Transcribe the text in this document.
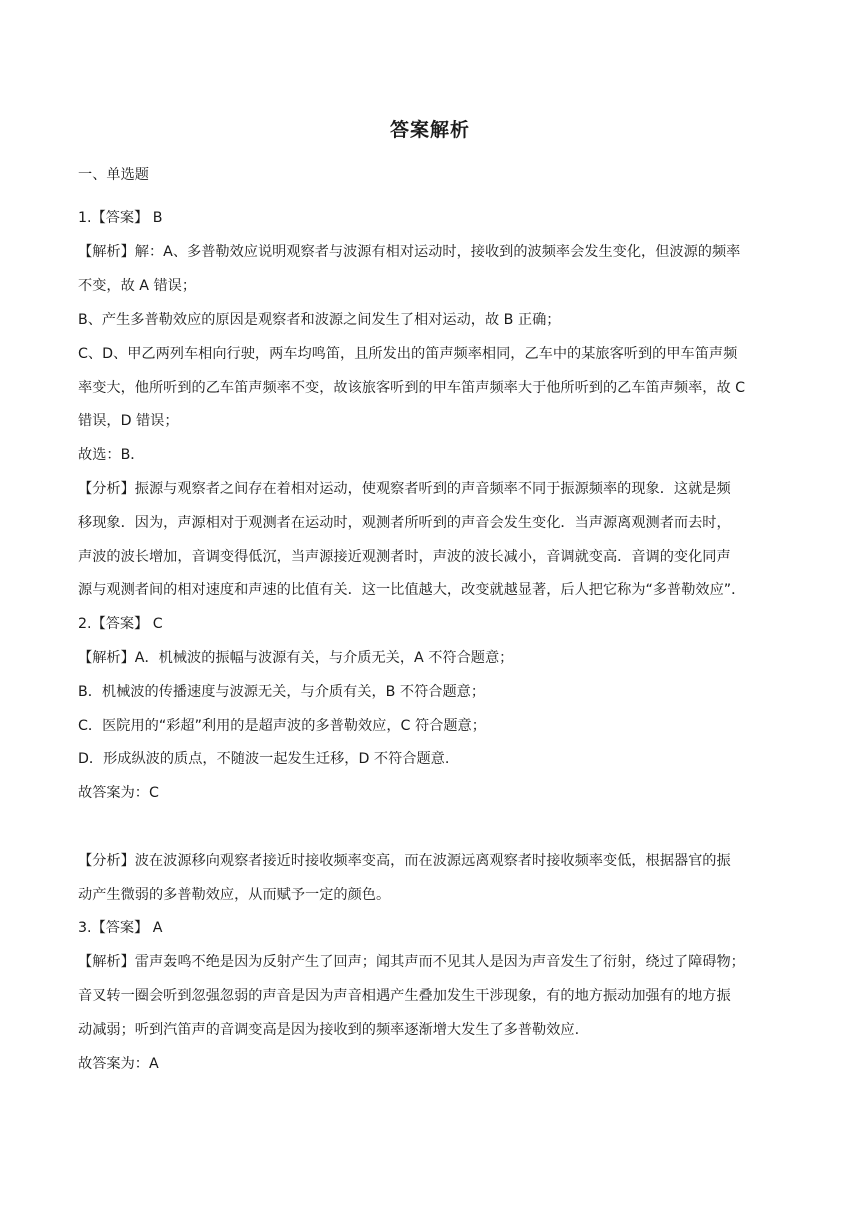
答案解析
一、单选题
1.【答案】 B
【解析】解：A、多普勒效应说明观察者与波源有相对运动时，接收到的波频率会发生变化，但波源的频率
不变，故 A 错误；
B、产生多普勒效应的原因是观察者和波源之间发生了相对运动，故 B 正确；
C、D、甲乙两列车相向行驶，两车均鸣笛，且所发出的笛声频率相同，乙车中的某旅客听到的甲车笛声频
率变大，他所听到的乙车笛声频率不变，故该旅客听到的甲车笛声频率大于他所听到的乙车笛声频率，故 C
错误，D 错误；
故选：B．
【分析】振源与观察者之间存在着相对运动，使观察者听到的声音频率不同于振源频率的现象．这就是频
移现象．因为，声源相对于观测者在运动时，观测者所听到的声音会发生变化．当声源离观测者而去时，
声波的波长增加，音调变得低沉，当声源接近观测者时，声波的波长减小，音调就变高．音调的变化同声
源与观测者间的相对速度和声速的比值有关．这一比值越大，改变就越显著，后人把它称为“多普勒效应”．
2.【答案】 C
【解析】A．机械波的振幅与波源有关，与介质无关，A 不符合题意；
B．机械波的传播速度与波源无关，与介质有关，B 不符合题意；
C．医院用的“彩超”利用的是超声波的多普勒效应，C 符合题意；
D．形成纵波的质点，不随波一起发生迁移，D 不符合题意.
故答案为：C
【分析】波在波源移向观察者接近时接收频率变高，而在波源远离观察者时接收频率变低，根据器官的振
动产生微弱的多普勒效应，从而赋予一定的颜色。
3.【答案】 A
【解析】雷声轰鸣不绝是因为反射产生了回声；闻其声而不见其人是因为声音发生了衍射，绕过了障碍物；
音叉转一圈会听到忽强忽弱的声音是因为声音相遇产生叠加发生干涉现象，有的地方振动加强有的地方振
动减弱；听到汽笛声的音调变高是因为接收到的频率逐渐增大发生了多普勒效应.
故答案为：A
